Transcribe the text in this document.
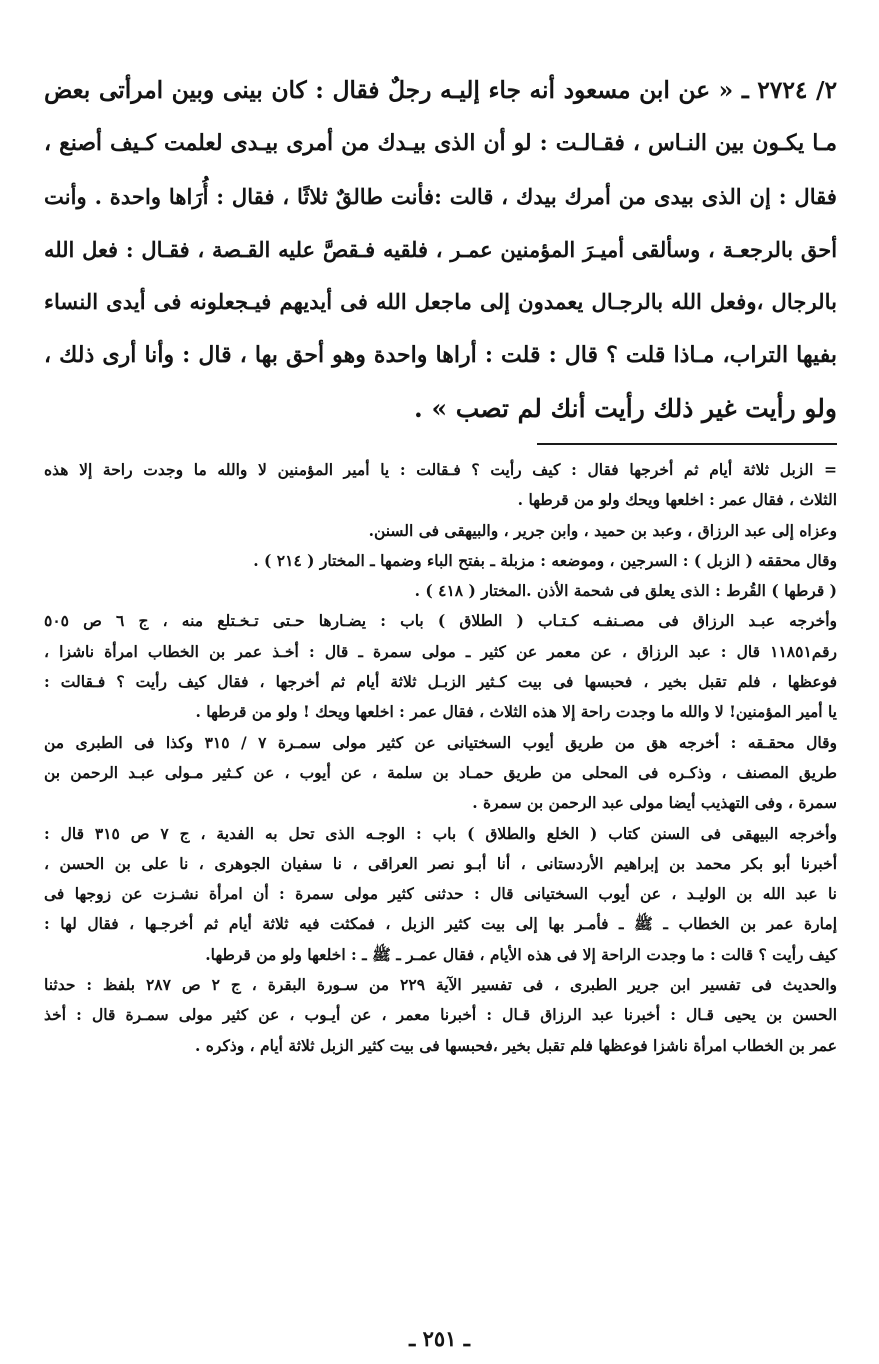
٢/ ٢٧٢٤ ـ « عن ابن مسعود أنه جاء إليـه رجلٌ فقال : كان بينى وبين امرأتى بعض
مـا يكـون بين النـاس ، فقـالـت : لو أن الذى بيـدك من أمرى بيـدى لعلمت كـيف أصنع ،
فقال : إن الذى بيدى من أمرك بيدك ، قالت :فأنت طالقٌ ثلاثًا ، فقال : أُرَاها واحدة . وأنت
أحق بالرجعـة ، وسألقى أميـرَ المؤمنين عمـر ، فلقيه فـقصَّ عليه القـصة ، فقـال : فعل الله
بالرجال ،وفعل الله بالرجـال يعمدون إلى ماجعل الله فى أيديهم فيـجعلونه فى أيدى النساء
بفيها التراب، مـاذا قلت ؟ قال : قلت : أراها واحدة وهو أحق بها ، قال : وأنا أرى ذلك ،
ولو رأيت غير ذلك رأيت أنك لم تصب » .
= الزبل ثلاثة أيام ثم أخرجها فقال : كيف رأيت ؟ فـقالت : يا أمير المؤمنين لا والله ما وجدت راحة إلا هذه
الثلاث ، فقال عمر : اخلعها ويحك ولو من قرطها .
وعزاه إلى عبد الرزاق ، وعبد بن حميد ، وابن جرير ، والبيهقى فى السنن.
وقال محققه ( الزبل ) : السرجين ، وموضعه : مزبلة ـ بفتح الباء وضمها ـ المختار ( ٢١٤ ) .
( قرطها ) القُرط : الذى يعلق فى شحمة الأذن .المختار ( ٤١٨ ) .
وأخرجه عبـد الرزاق فى مصـنفـه كـتـاب ( الطلاق ) باب : يضـارها حـتى تـخـتلع منه ، ج ٦ ص ٥٠٥
رقم١١٨٥١ قال : عبد الرزاق ، عن معمر عن كثير ـ مولى سمرة ـ قال : أخـذ عمر بن الخطاب امرأة ناشزا ،
فوعظها ، فلم تقبل بخير ، فحبسها فى بيت كـثير الزبـل ثلاثة أيام ثم أخرجها ، فقال كيف رأيت ؟ فـقالت :
يا أمير المؤمنين! لا والله ما وجدت راحة إلا هذه الثلاث ، فقال عمر : اخلعها ويحك ! ولو من قرطها .
وقال محقـقه : أخرجه هق من طريق أيوب السختيانى عن كثير مولى سمـرة ٧ / ٣١٥ وكذا فى الطبرى من
طريق المصنف ، وذكـره فى المحلى من طريق حمـاد بن سلمة ، عن أيوب ، عن كـثير مـولى عبـد الرحمن بن
سمرة ، وفى التهذيب أيضا مولى عبد الرحمن بن سمرة .
وأخرجه البيهقى فى السنن كتاب ( الخلع والطلاق ) باب : الوجـه الذى تحل به الفدية ، ج ٧ ص ٣١٥ قال :
أخبرنا أبو بكر محمد بن إبراهيم الأردستانى ، أنا أبـو نصر العراقى ، نا سفيان الجوهرى ، نا على بن الحسن ،
نا عبد الله بن الوليـد ، عن أيوب السختيانى قال : حدثنى كثير مولى سمرة : أن امرأة نشـزت عن زوجها فى
إمارة عمر بن الخطاب ـ ﷺ ـ فأمـر بها إلى بيت كثير الزبل ، فمكثت فيه ثلاثة أيام ثم أخرجـها ، فقال لها :
كيف رأيت ؟ قالت : ما وجدت الراحة إلا فى هذه الأيام ، فقال عمـر ـ ﷺ ـ : اخلعها ولو من قرطها.
والحديث فى تفسير ابن جرير الطبرى ، فى تفسير الآية ٢٢٩ من سـورة البقرة ، ج ٢ ص ٢٨٧ بلفظ : حدثنا
الحسن بن يحيى قـال : أخبرنا عبد الرزاق قـال : أخبرنا معمر ، عن أيـوب ، عن كثير مولى سمـرة قال : أخذ
عمر بن الخطاب امرأة ناشزا فوعظها فلم تقبل بخير ،فحبسها فى بيت كثير الزبل ثلاثة أيام ، وذكره .
ـ ٢٥١ ـ
